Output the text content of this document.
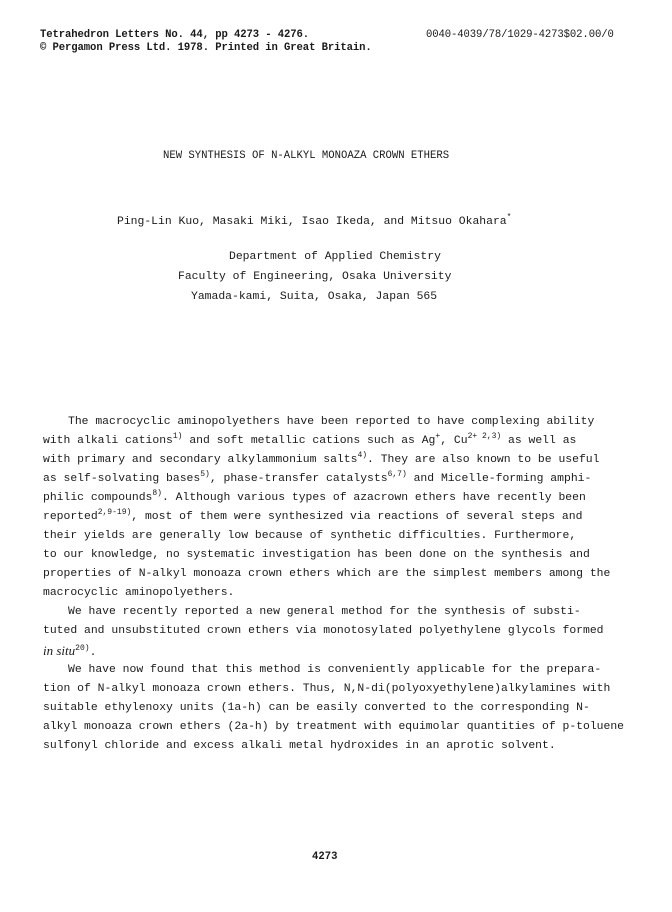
Tetrahedron Letters No. 44, pp 4273 - 4276.
© Pergamon Press Ltd. 1978. Printed in Great Britain.
0040-4039/78/1029-4273$02.00/0
NEW SYNTHESIS OF N-ALKYL MONOAZA CROWN ETHERS
Ping-Lin Kuo, Masaki Miki, Isao Ikeda, and Mitsuo Okahara*
Department of Applied Chemistry
Faculty of Engineering, Osaka University
Yamada-kami, Suita, Osaka, Japan 565
The macrocyclic aminopolyethers have been reported to have complexing ability
with alkali cations$^{1)}$ and soft metallic cations such as Ag+, $Cu^{2+ 2,3)}$ as well as
with primary and secondary alkylammonium salts$^{4)}$. They are also known to be useful
as self-solvating bases$^{5)}$, phase-transfer catalysts$^{6,7)}$ and Micelle-forming amphi-
philic compounds$^{8)}$. Although various types of azacrown ethers have recently been
reported$^{2,9-19)}$, most of them were synthesized via reactions of several steps and
their yields are generally low because of synthetic difficulties. Furthermore,
to our knowledge, no systematic investigation has been done on the synthesis and
properties of N-alkyl monoaza crown ethers which are the simplest members among the
macrocyclic aminopolyethers.
We have recently reported a new general method for the synthesis of substi-
tuted and unsubstituted crown ethers via monotosylated polyethylene glycols formed
in situ$^{20)}$.
We have now found that this method is conveniently applicable for the prepara-
tion of N-alkyl monoaza crown ethers. Thus, N,N-di(polyoxyethylene)alkylamines with
suitable ethylenoxy units (1a-h) can be easily converted to the corresponding N-
alkyl monoaza crown ethers (2a-h) by treatment with equimolar quantities of p-toluene
sulfonyl chloride and excess alkali metal hydroxides in an aprotic solvent.
4273
